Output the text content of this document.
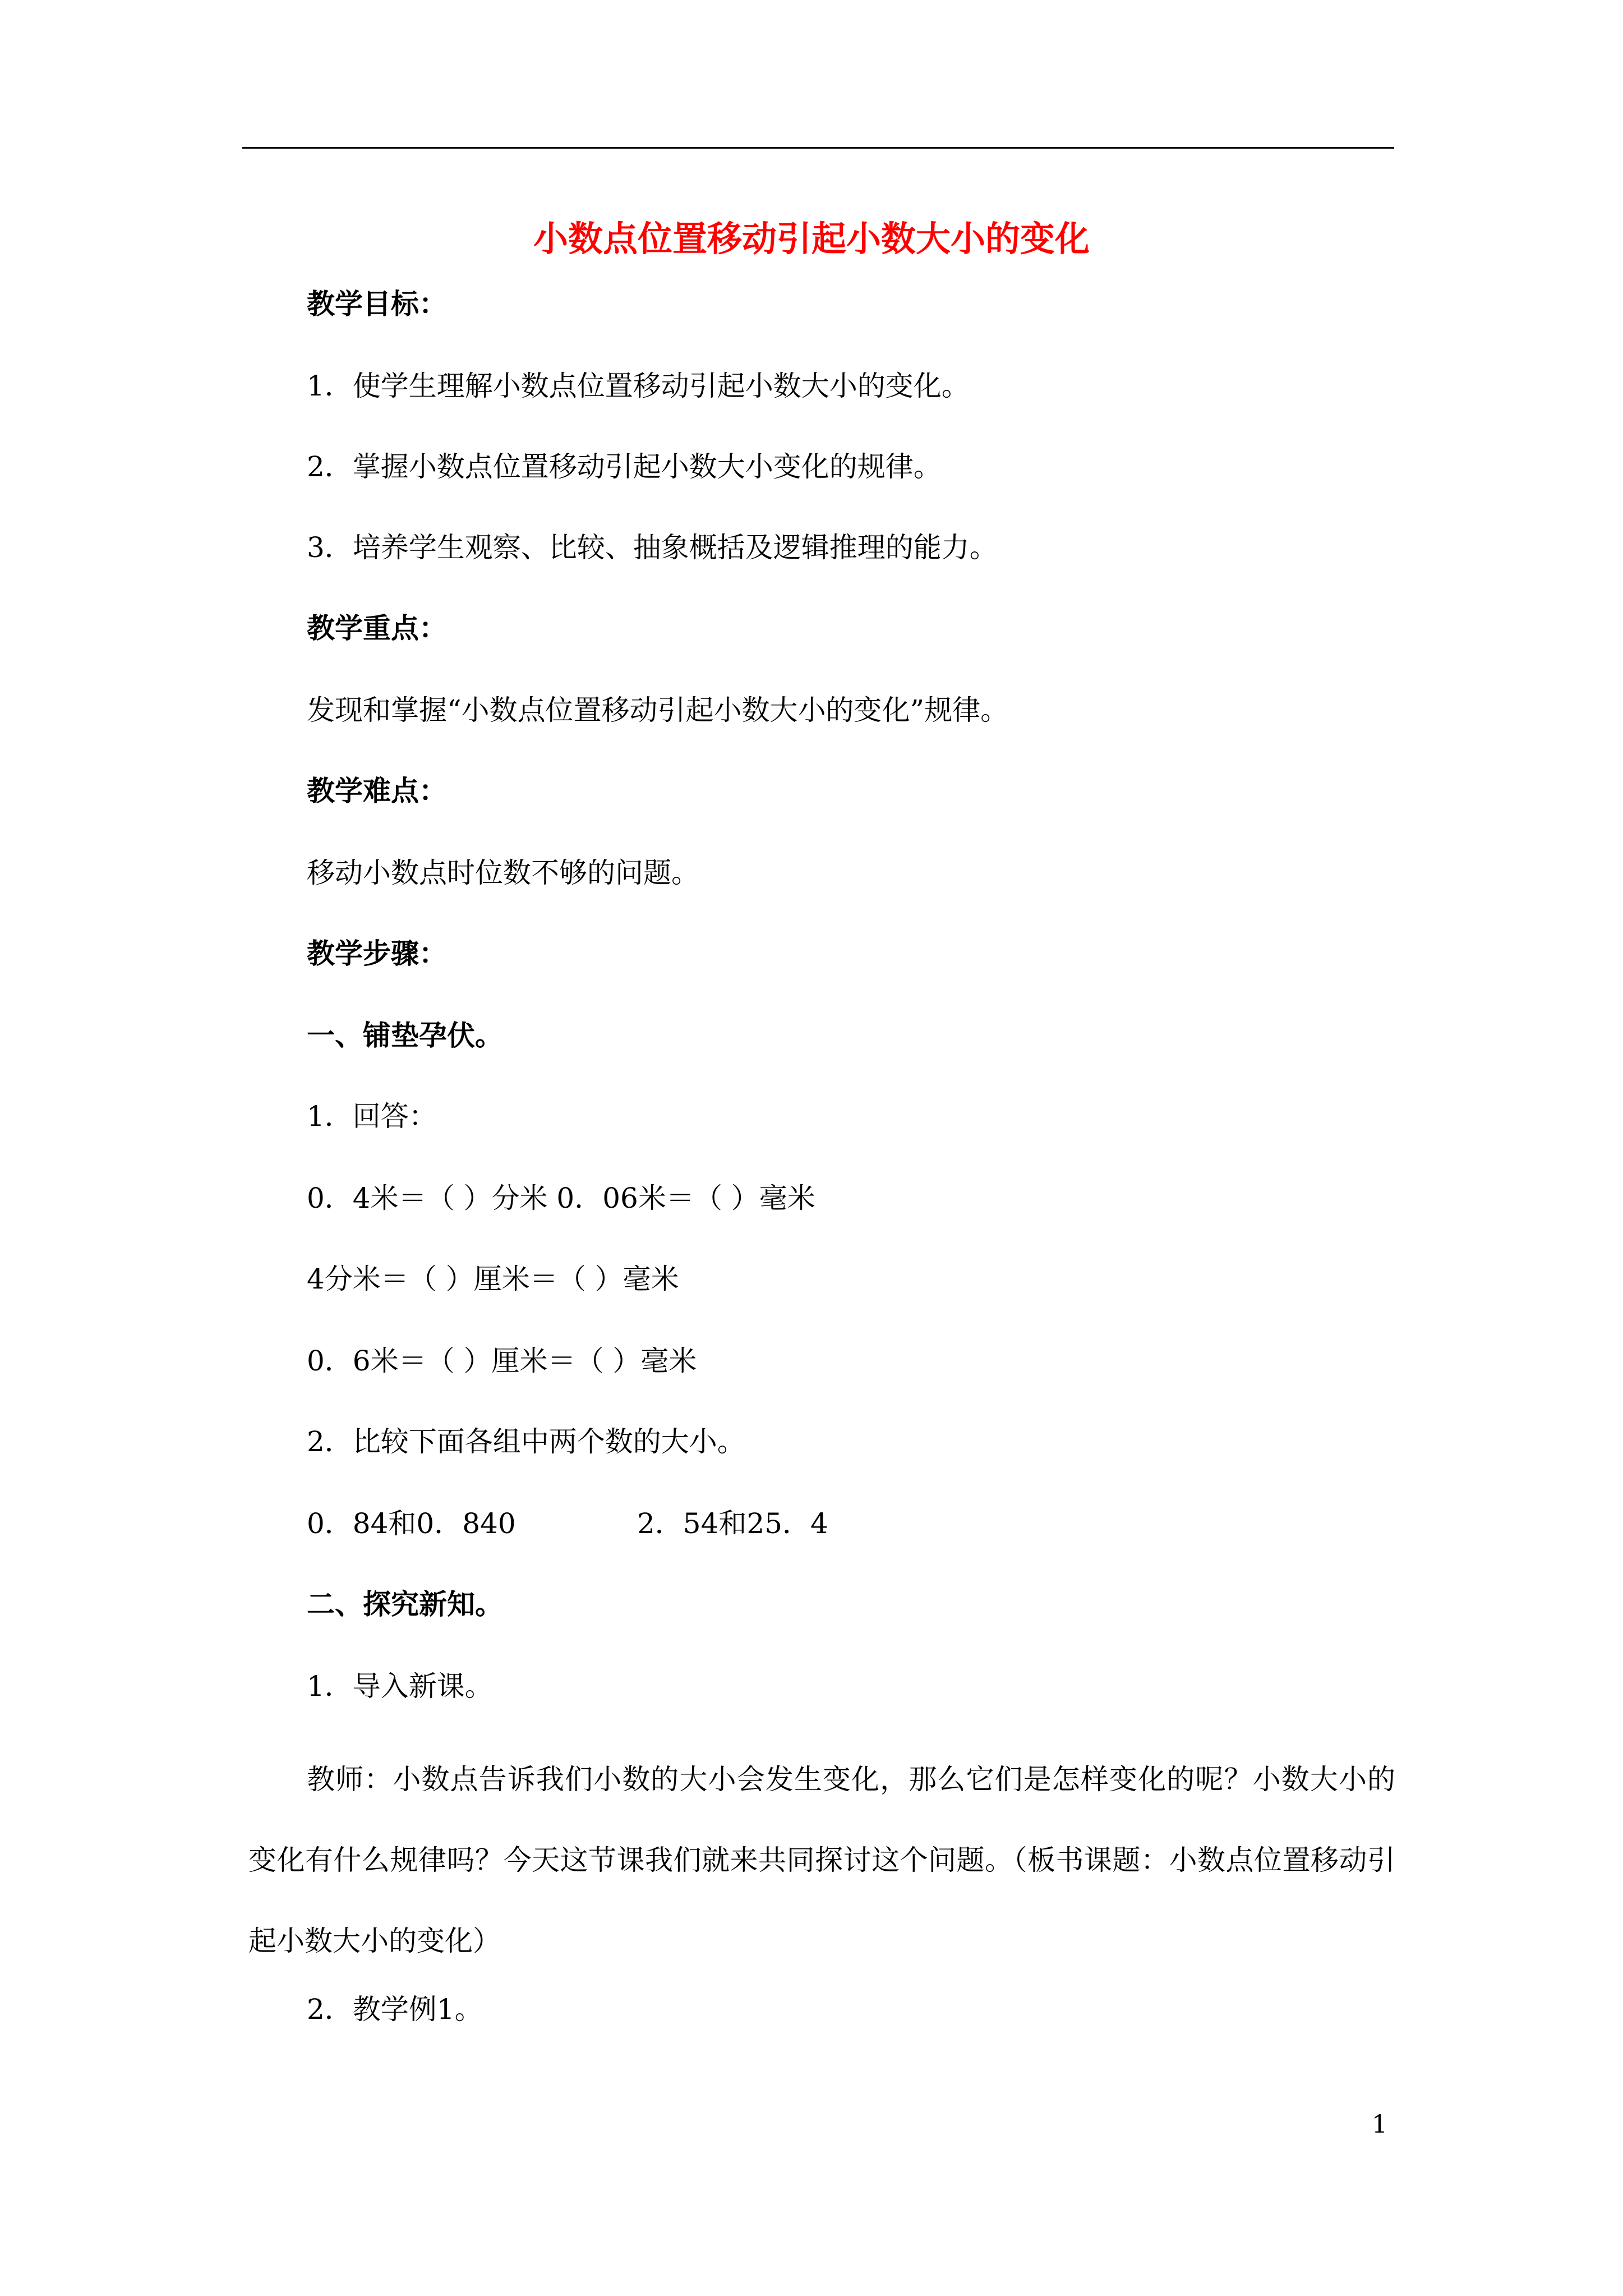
小数点位置移动引起小数大小的变化
教学目标：
1．使学生理解小数点位置移动引起小数大小的变化。
2．掌握小数点位置移动引起小数大小变化的规律。
3．培养学生观察、比较、抽象概括及逻辑推理的能力。
教学重点：
发现和掌握“小数点位置移动引起小数大小的变化”规律。
教学难点：
移动小数点时位数不够的问题。
教学步骤：
一、铺垫孕伏。
1．回答：
0．4米＝（ ）分米 0．06米＝（ ）毫米
4分米＝（ ）厘米＝（ ）毫米
0．6米＝（ ）厘米＝（ ）毫米
2．比较下面各组中两个数的大小。
0．84和0．840	2．54和25．4
二、探究新知。
1．导入新课。
教师：小数点告诉我们小数的大小会发生变化，那么它们是怎样变化的呢？小数大小的变化有什么规律吗？今天这节课我们就来共同探讨这个问题。（板书课题：小数点位置移动引起小数大小的变化）
2．教学例1。
1
